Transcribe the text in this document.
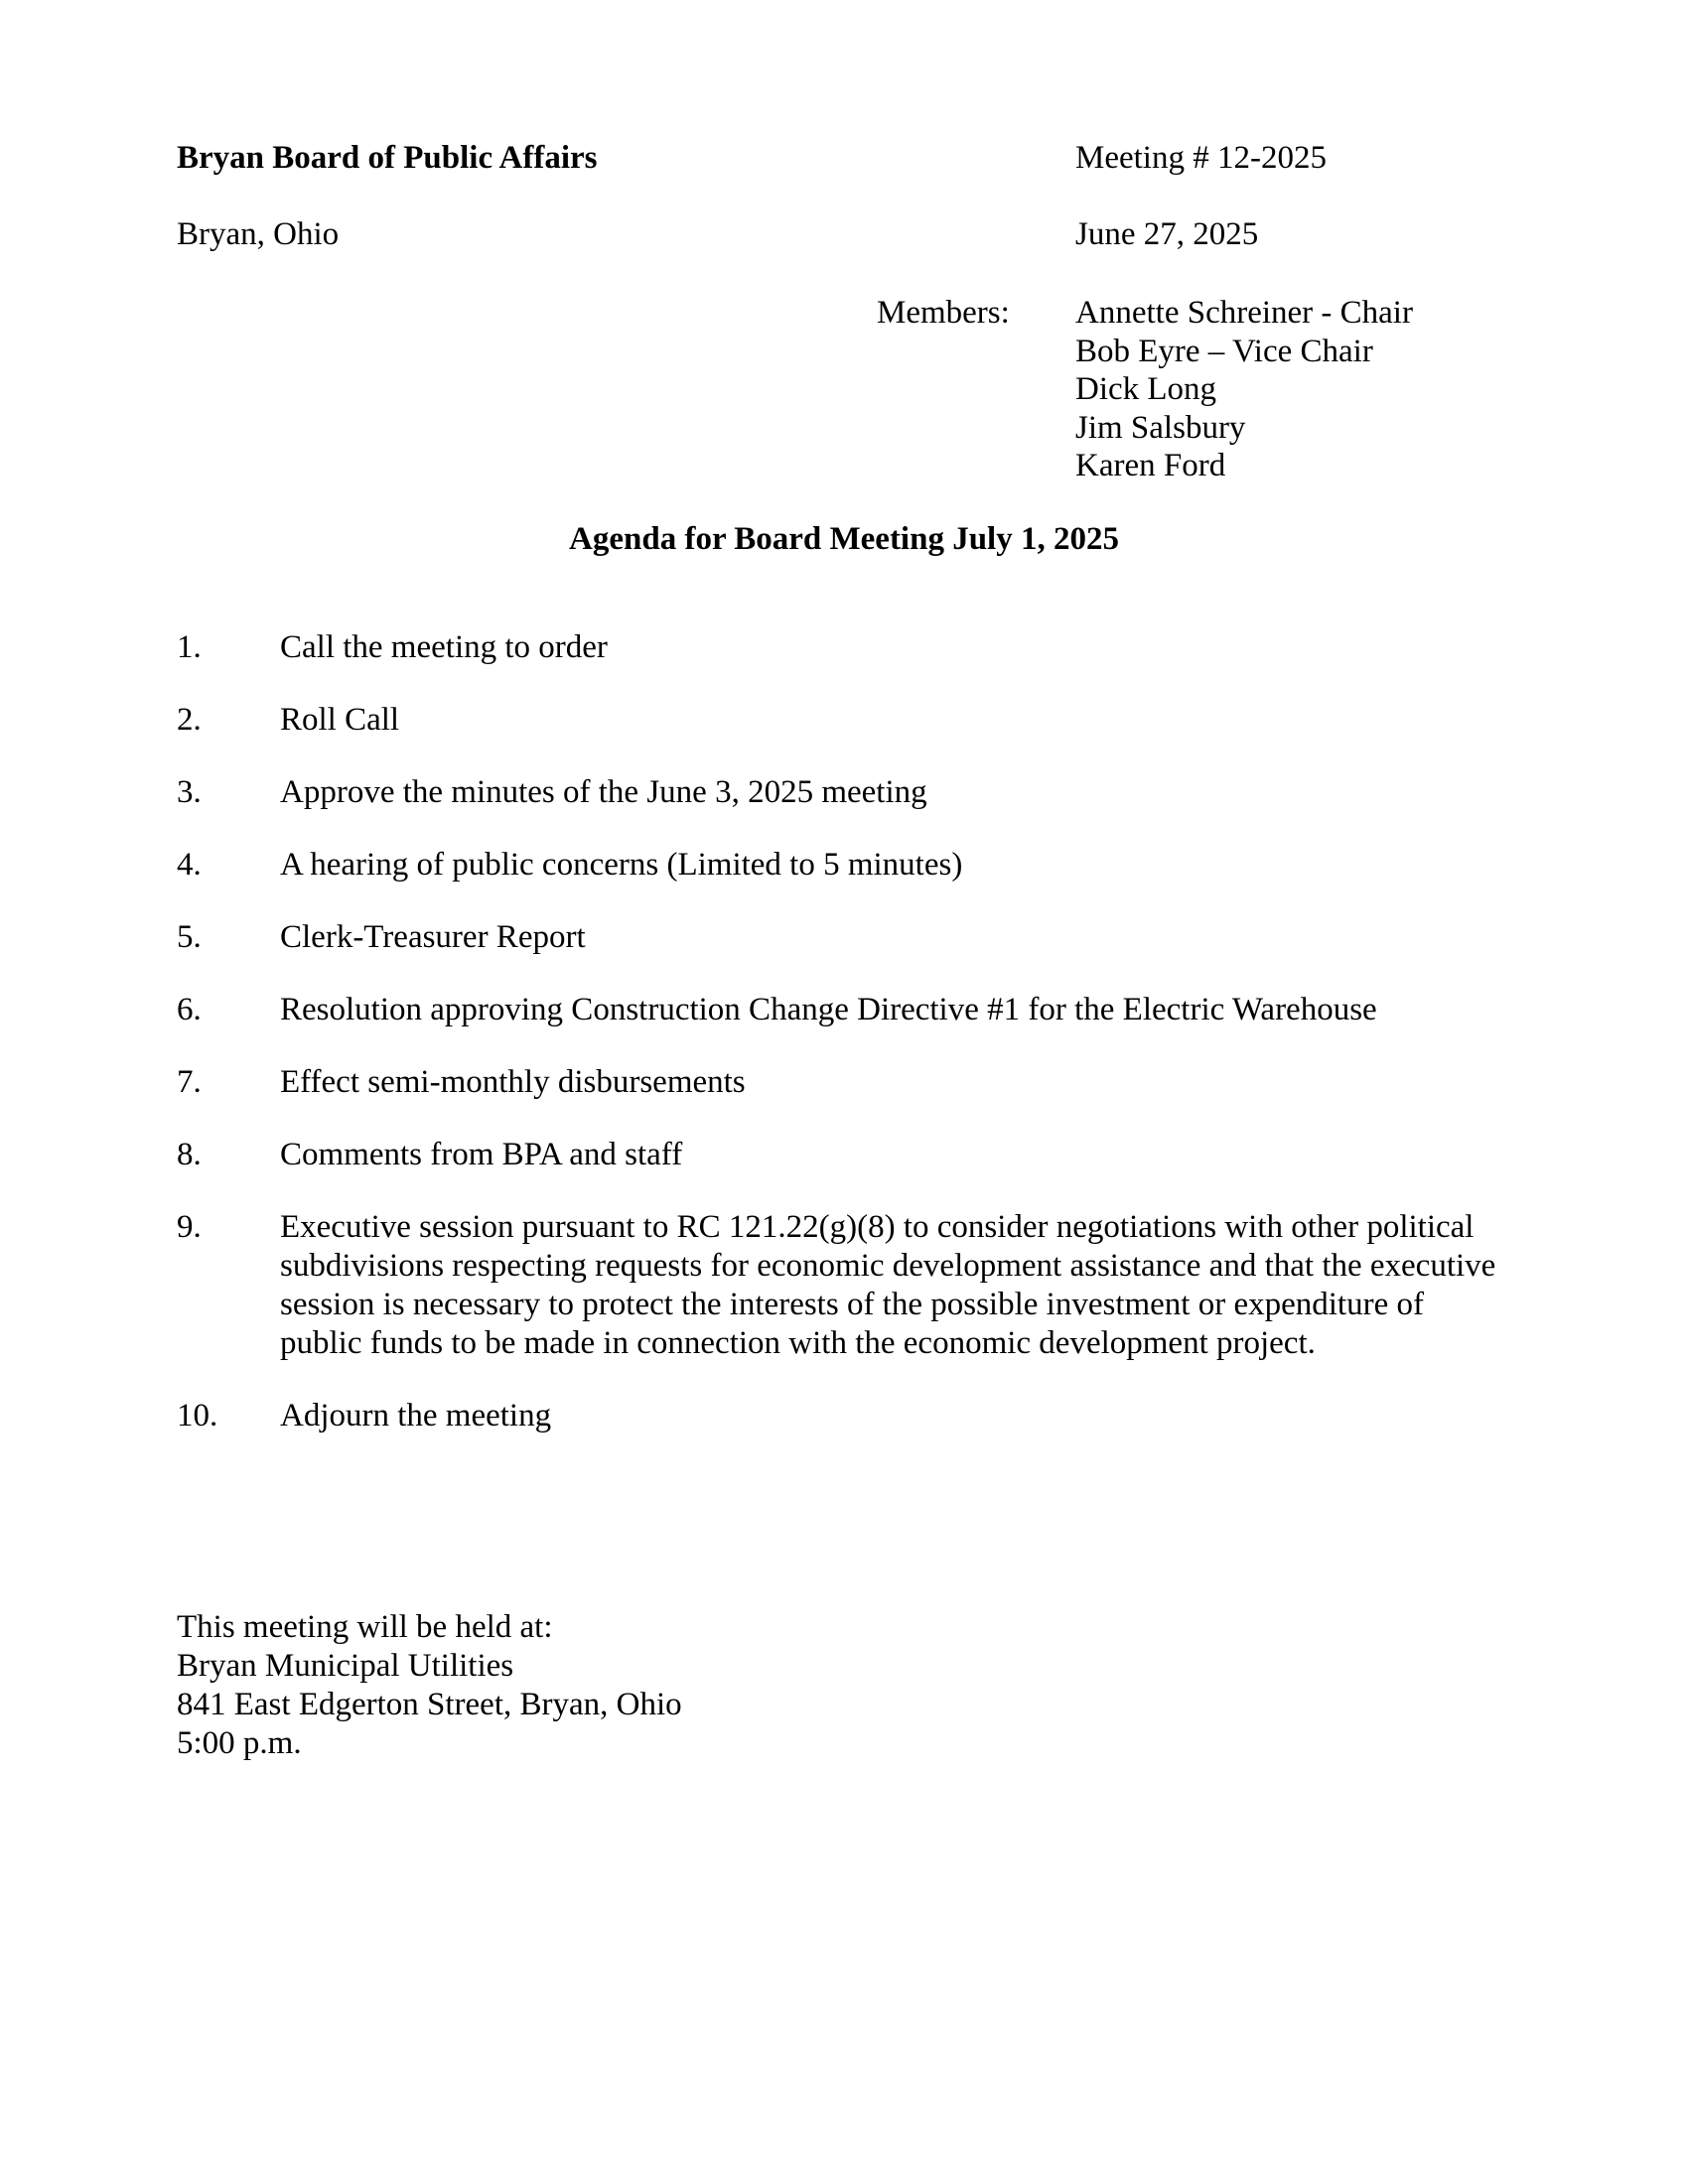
Bryan Board of Public Affairs	Meeting # 12-2025
Bryan, Ohio	June 27, 2025
Members: Annette Schreiner - Chair
Bob Eyre – Vice Chair
Dick Long
Jim Salsbury
Karen Ford
Agenda for Board Meeting July 1, 2025
1.	Call the meeting to order
2.	Roll Call
3.	Approve the minutes of the June 3, 2025 meeting
4.	A hearing of public concerns (Limited to 5 minutes)
5.	Clerk-Treasurer Report
6.	Resolution approving Construction Change Directive #1 for the Electric Warehouse
7.	Effect semi-monthly disbursements
8.	Comments from BPA and staff
9.	Executive session pursuant to RC 121.22(g)(8) to consider negotiations with other political subdivisions respecting requests for economic development assistance and that the executive session is necessary to protect the interests of the possible investment or expenditure of public funds to be made in connection with the economic development project.
10.	Adjourn the meeting
This meeting will be held at:
Bryan Municipal Utilities
841 East Edgerton Street, Bryan, Ohio
5:00 p.m.
